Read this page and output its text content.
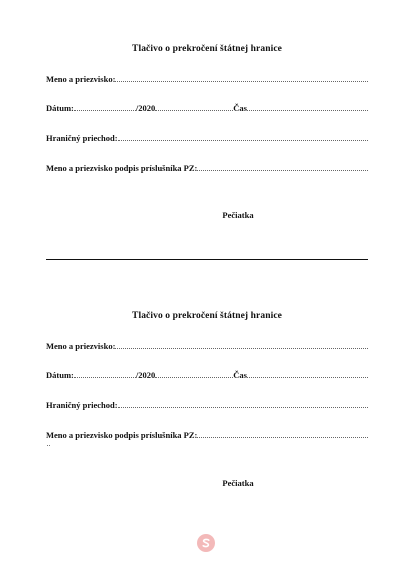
Tlačivo o prekročení štátnej hranice
Meno a priezvisko:
Dátum:	/2020	Čas
Hraničný priechod:
Meno a priezvisko podpis príslušníka PZ:
Pečiatka
Tlačivo o prekročení štátnej hranice
Meno a priezvisko:
Dátum:	/2020	Čas
Hraničný priechod:
Meno a priezvisko podpis príslušníka PZ:
Pečiatka
